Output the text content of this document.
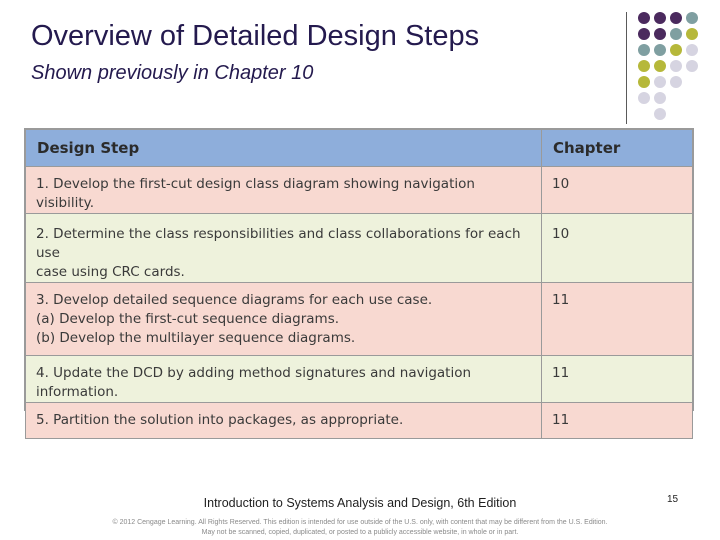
Overview of Detailed Design Steps
Shown previously in Chapter 10
Design Step	Chapter

1. Develop the first-cut design class diagram showing navigation visibility.	10

2. Determine the class responsibilities and class collaborations for each use
case using CRC cards.	10

3. Develop detailed sequence diagrams for each use case.
(a) Develop the first-cut sequence diagrams.
(b) Develop the multilayer sequence diagrams.	11

4. Update the DCD by adding method signatures and navigation information.	11

5. Partition the solution into packages, as appropriate.	11
Introduction to Systems Analysis and Design, 6th Edition	15
© 2012 Cengage Learning. All Rights Reserved. This edition is intended for use outside of the U.S. only, with content that may be different from the U.S. Edition.
May not be scanned, copied, duplicated, or posted to a publicly accessible website, in whole or in part.
